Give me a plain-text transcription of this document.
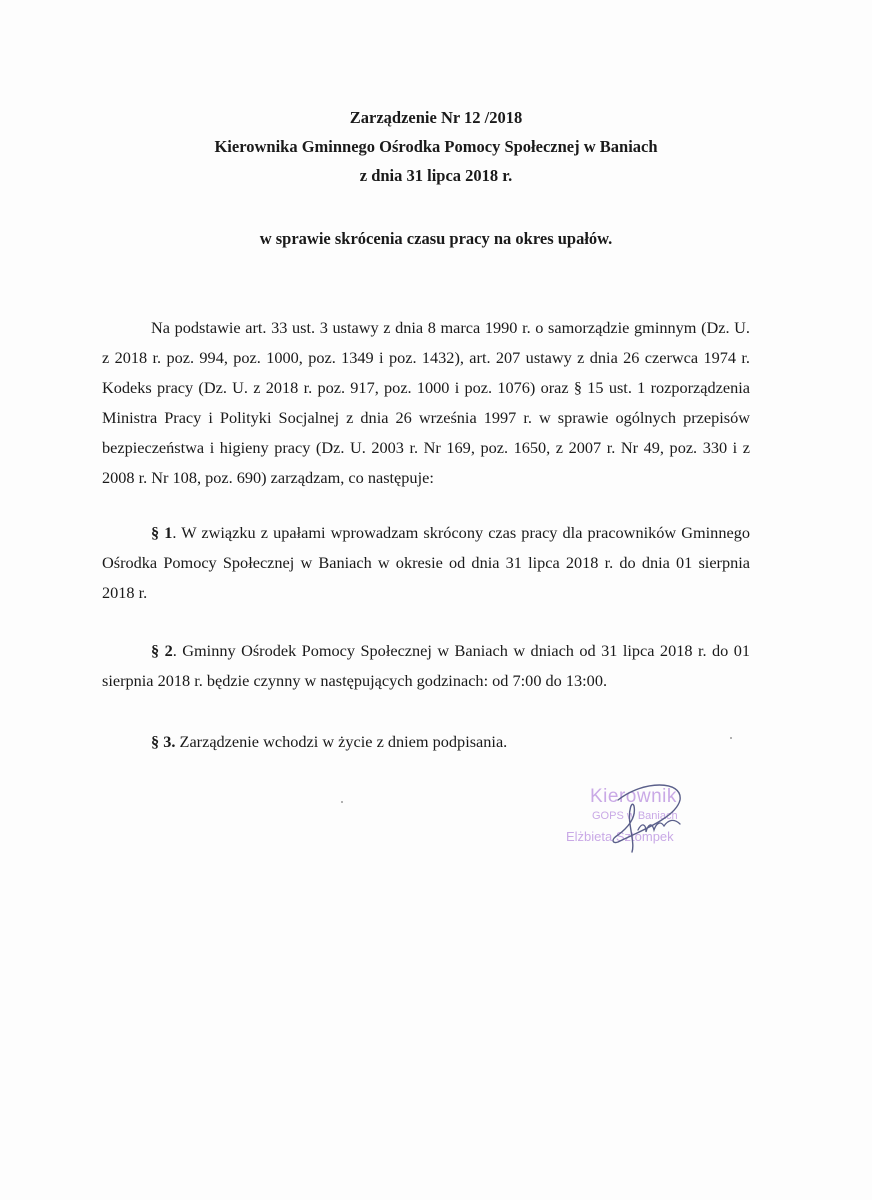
Zarządzenie Nr 12 /2018
Kierownika Gminnego Ośrodka Pomocy Społecznej w Baniach
z dnia 31 lipca 2018 r.
w sprawie skrócenia czasu pracy na okres upałów.
Na podstawie art. 33 ust. 3 ustawy z dnia 8 marca 1990 r. o samorządzie gminnym (Dz. U. z 2018 r. poz. 994, poz. 1000, poz. 1349 i poz. 1432), art. 207 ustawy z dnia 26 czerwca 1974 r. Kodeks pracy (Dz. U. z 2018 r. poz. 917, poz. 1000 i poz. 1076) oraz § 15 ust. 1 rozporządzenia Ministra Pracy i Polityki Socjalnej z dnia 26 września 1997 r. w sprawie ogólnych przepisów bezpieczeństwa i higieny pracy (Dz. U. 2003 r. Nr 169, poz. 1650, z 2007 r. Nr 49, poz. 330 i z 2008 r. Nr 108, poz. 690) zarządzam, co następuje:
§ 1. W związku z upałami wprowadzam skrócony czas pracy dla pracowników Gminnego Ośrodka Pomocy Społecznej w Baniach w okresie od dnia 31 lipca 2018 r. do dnia 01 sierpnia 2018 r.
§ 2. Gminny Ośrodek Pomocy Społecznej w Baniach w dniach od 31 lipca 2018 r. do 01 sierpnia 2018 r. będzie czynny w następujących godzinach: od 7:00 do 13:00.
§ 3. Zarządzenie wchodzi w życie z dniem podpisania.
Kierownik
GOPS w Baniach
Elżbieta Sztompek
